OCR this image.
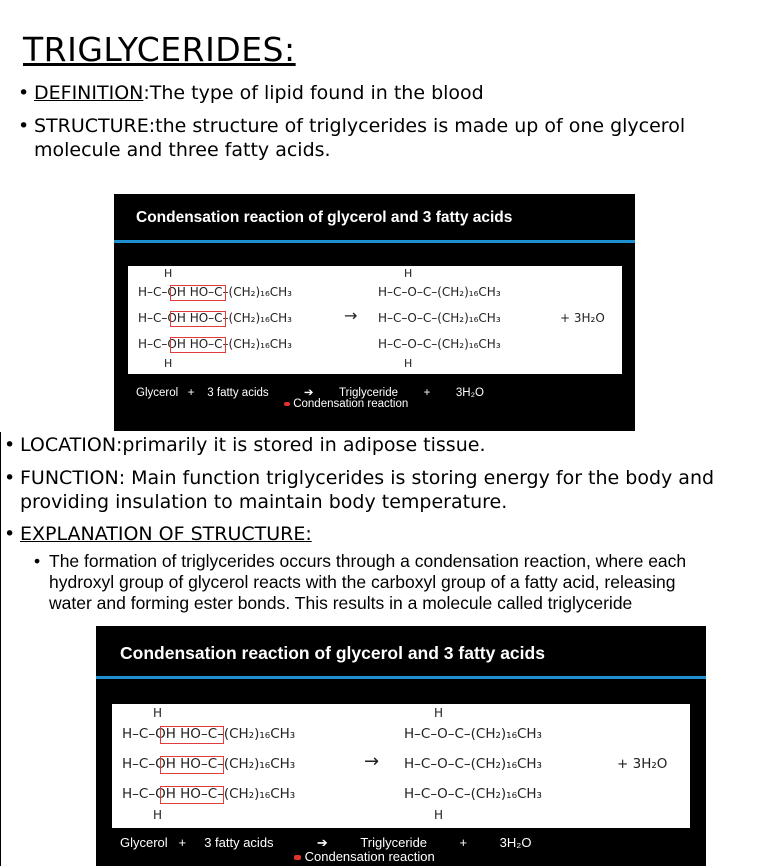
TRIGLYCERIDES:
• DEFINITION:The type of lipid found in the blood
• STRUCTURE:the structure of triglycerides is made up of one glycerol
molecule and three fatty acids.
Condensation reaction of glycerol and 3 fatty acids
H
H–C–OH HO–C–(CH₂)₁₆CH₃
H–C–OH HO–C–(CH₂)₁₆CH₃
H–C–OH HO–C–(CH₂)₁₆CH₃
H
→
H
H–C–O–C–(CH₂)₁₆CH₃
H–C–O–C–(CH₂)₁₆CH₃
H–C–O–C–(CH₂)₁₆CH₃
H
+ 3H₂O
Glycerol + 3 fatty acids	➔ Triglyceride + 3H₂O
Condensation reaction
• LOCATION:primarily it is stored in adipose tissue.
• FUNCTION: Main function triglycerides is storing energy for the body and
providing insulation to maintain body temperature.
• EXPLANATION OF STRUCTURE:
• The formation of triglycerides occurs through a condensation reaction, where each
hydroxyl group of glycerol reacts with the carboxyl group of a fatty acid, releasing
water and forming ester bonds. This results in a molecule called triglyceride
Condensation reaction of glycerol and 3 fatty acids
H
H–C–OH HO–C–(CH₂)₁₆CH₃
H–C–OH HO–C–(CH₂)₁₆CH₃
H–C–OH HO–C–(CH₂)₁₆CH₃
H
→
H
H–C–O–C–(CH₂)₁₆CH₃
H–C–O–C–(CH₂)₁₆CH₃
H–C–O–C–(CH₂)₁₆CH₃
H
+ 3H₂O
Glycerol + 3 fatty acids	➔	Triglyceride	+	3H₂O
Condensation reaction
